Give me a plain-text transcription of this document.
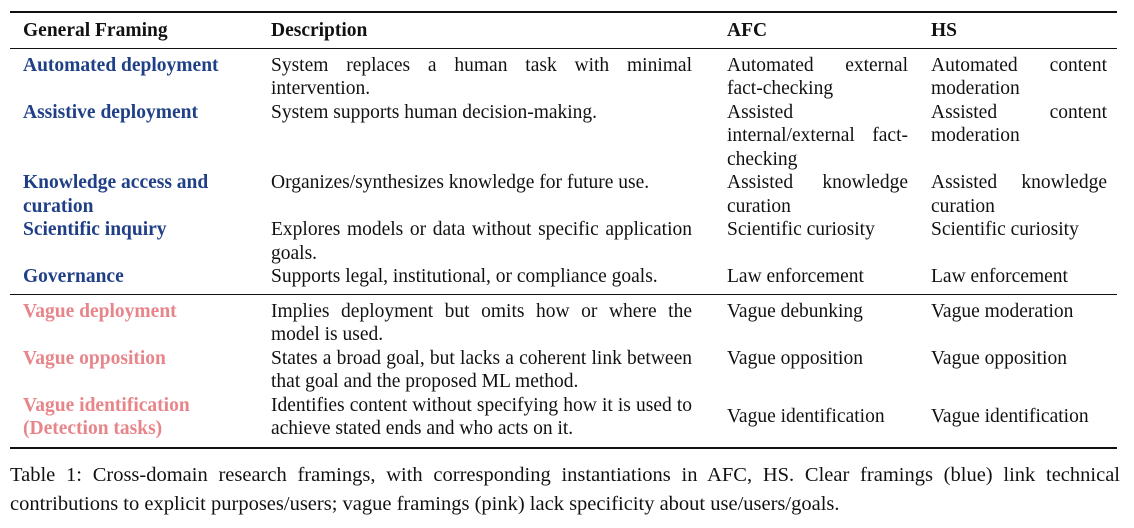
General Framing	Description	AFC	HS
Automated deployment	System replaces a human task with minimal intervention.	Automated external fact-checking	Automated content moderation
Assistive deployment	System supports human decision-making.	Assisted internal/external fact-checking	Assisted content moderation
Knowledge access and curation	Organizes/synthesizes knowledge for future use.	Assisted knowledge curation	Assisted knowledge curation
Scientific inquiry	Explores models or data without specific application goals.	Scientific curiosity	Scientific curiosity
Governance	Supports legal, institutional, or compliance goals.	Law enforcement	Law enforcement
Vague deployment	Implies deployment but omits how or where the model is used.	Vague debunking	Vague moderation
Vague opposition	States a broad goal, but lacks a coherent link between that goal and the proposed ML method.	Vague opposition	Vague opposition
Vague identification (Detection tasks)	Identifies content without specifying how it is used to achieve stated ends and who acts on it.	Vague identification	Vague identification
Table 1: Cross-domain research framings, with corresponding instantiations in AFC, HS. Clear framings (blue) link technical contributions to explicit purposes/users; vague framings (pink) lack specificity about use/users/goals.
